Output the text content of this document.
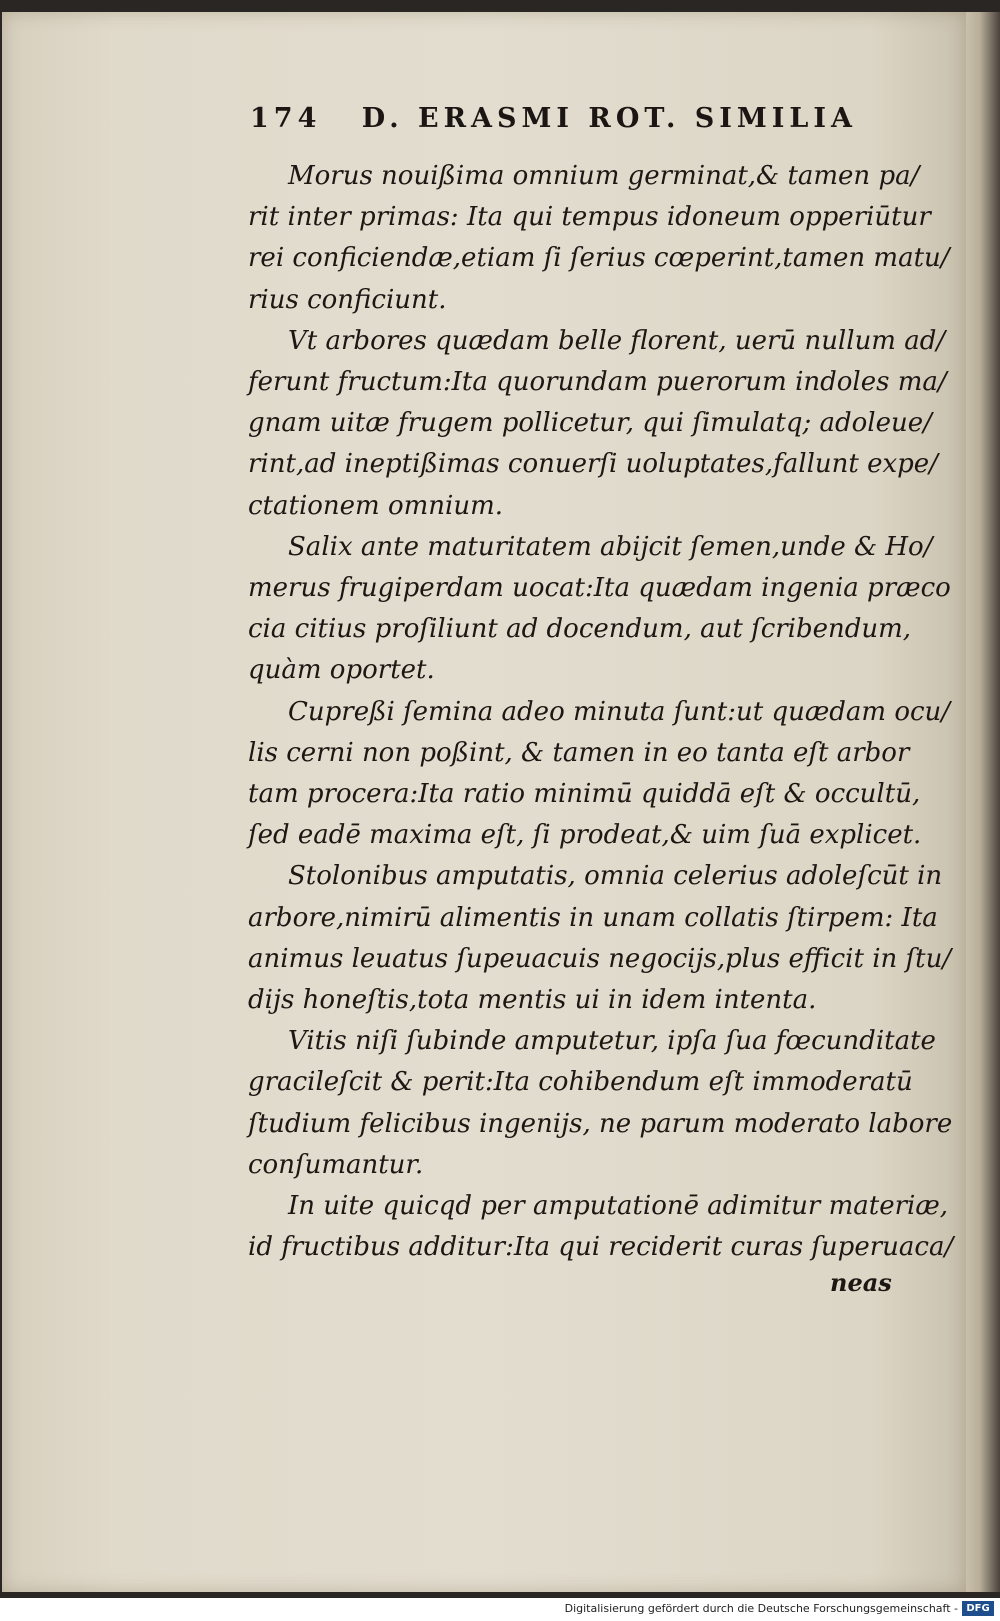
174 D. ERASMI ROT. SIMILIA

Morus nouißima omnium germinat,& tamen pa/
rit inter primas: Ita qui tempus idoneum opperiūtur
rei conficiendæ,etiam ſi ſerius cœperint,tamen matu/
rius conficiunt.

Vt arbores quædam belle florent, uerū nullum ad/
ferunt fructum:Ita quorundam puerorum indoles ma/
gnam uitæ frugem pollicetur, qui ſimulatq; adoleue/
rint,ad ineptißimas conuerſi uoluptates,fallunt expe/
ctationem omnium.

Salix ante maturitatem abijcit ſemen,unde & Ho/
merus frugiperdam uocat:Ita quædam ingenia præco
cia citius proſiliunt ad docendum, aut ſcribendum,
quàm oportet.

Cupreßi ſemina adeo minuta ſunt:ut quædam ocu/
lis cerni non poßint, & tamen in eo tanta eſt arbor
tam procera:Ita ratio minimū quiddā eſt & occultū,
ſed eadē maxima eſt, ſi prodeat,& uim ſuā explicet.

Stolonibus amputatis, omnia celerius adoleſcūt in
arbore,nimirū alimentis in unam collatis ſtirpem: Ita
animus leuatus ſupeuacuis negocijs,plus efficit in ſtu/
dijs honeſtis,tota mentis ui in idem intenta.

Vitis niſi ſubinde amputetur, ipſa ſua fœcunditate
gracileſcit & perit:Ita cohibendum eſt immoderatū
ſtudium felicibus ingenijs, ne parum moderato labore
conſumantur.

In uite quicqd per amputationē adimitur materiæ,
id fructibus additur:Ita qui reciderit curas ſuperuaca/

neas
Digitalisierung gefördert durch die Deutsche Forschungsgemeinschaft - DFG
